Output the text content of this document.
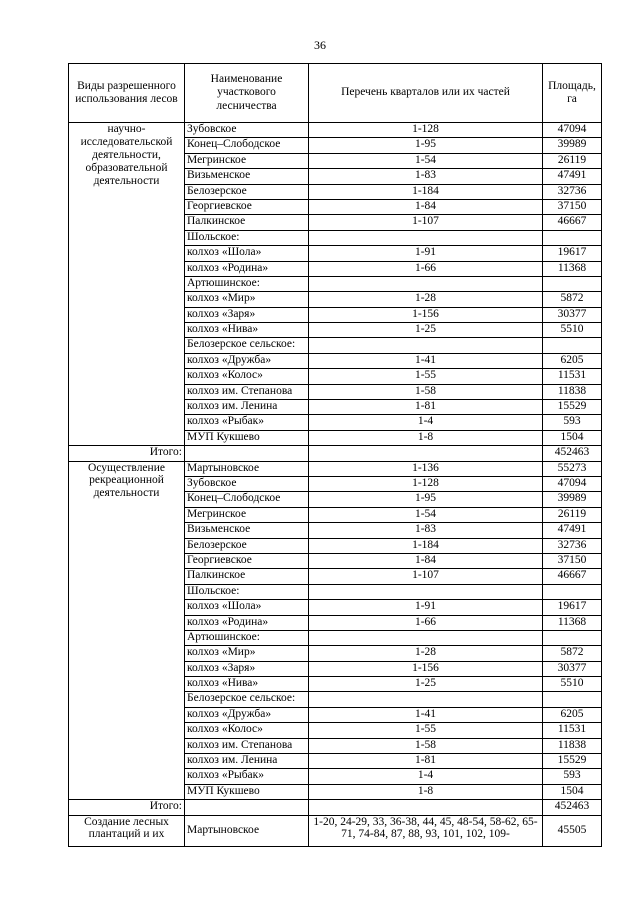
36
Виды разрешенного использования лесов	Наименование участкового лесничества	Перечень кварталов или их частей	Площадь, га
научно-исследовательской деятельности, образовательной деятельности	Зубовское	1-128	47094
	Конец–Слободское	1-95	39989
	Мегринское	1-54	26119
	Визьменское	1-83	47491
	Белозерское	1-184	32736
	Георгиевское	1-84	37150
	Палкинское	1-107	46667
	Шольское:		
	колхоз «Шола»	1-91	19617
	колхоз «Родина»	1-66	11368
	Артюшинское:		
	колхоз «Мир»	1-28	5872
	колхоз «Заря»	1-156	30377
	колхоз «Нива»	1-25	5510
	Белозерское сельское:		
	колхоз «Дружба»	1-41	6205
	колхоз «Колос»	1-55	11531
	колхоз им. Степанова	1-58	11838
	колхоз им. Ленина	1-81	15529
	колхоз «Рыбак»	1-4	593
	МУП Кукшево	1-8	1504
Итого:			452463
Осуществление рекреационной деятельности	Мартыновское	1-136	55273
	Зубовское	1-128	47094
	Конец–Слободское	1-95	39989
	Мегринское	1-54	26119
	Визьменское	1-83	47491
	Белозерское	1-184	32736
	Георгиевское	1-84	37150
	Палкинское	1-107	46667
	Шольское:		
	колхоз «Шола»	1-91	19617
	колхоз «Родина»	1-66	11368
	Артюшинское:		
	колхоз «Мир»	1-28	5872
	колхоз «Заря»	1-156	30377
	колхоз «Нива»	1-25	5510
	Белозерское сельское:		
	колхоз «Дружба»	1-41	6205
	колхоз «Колос»	1-55	11531
	колхоз им. Степанова	1-58	11838
	колхоз им. Ленина	1-81	15529
	колхоз «Рыбак»	1-4	593
	МУП Кукшево	1-8	1504
Итого:			452463
Создание лесных плантаций и их	Мартыновское	1-20, 24-29, 33, 36-38, 44, 45, 48-54, 58-62, 65-71, 74-84, 87, 88, 93, 101, 102, 109-	45505
